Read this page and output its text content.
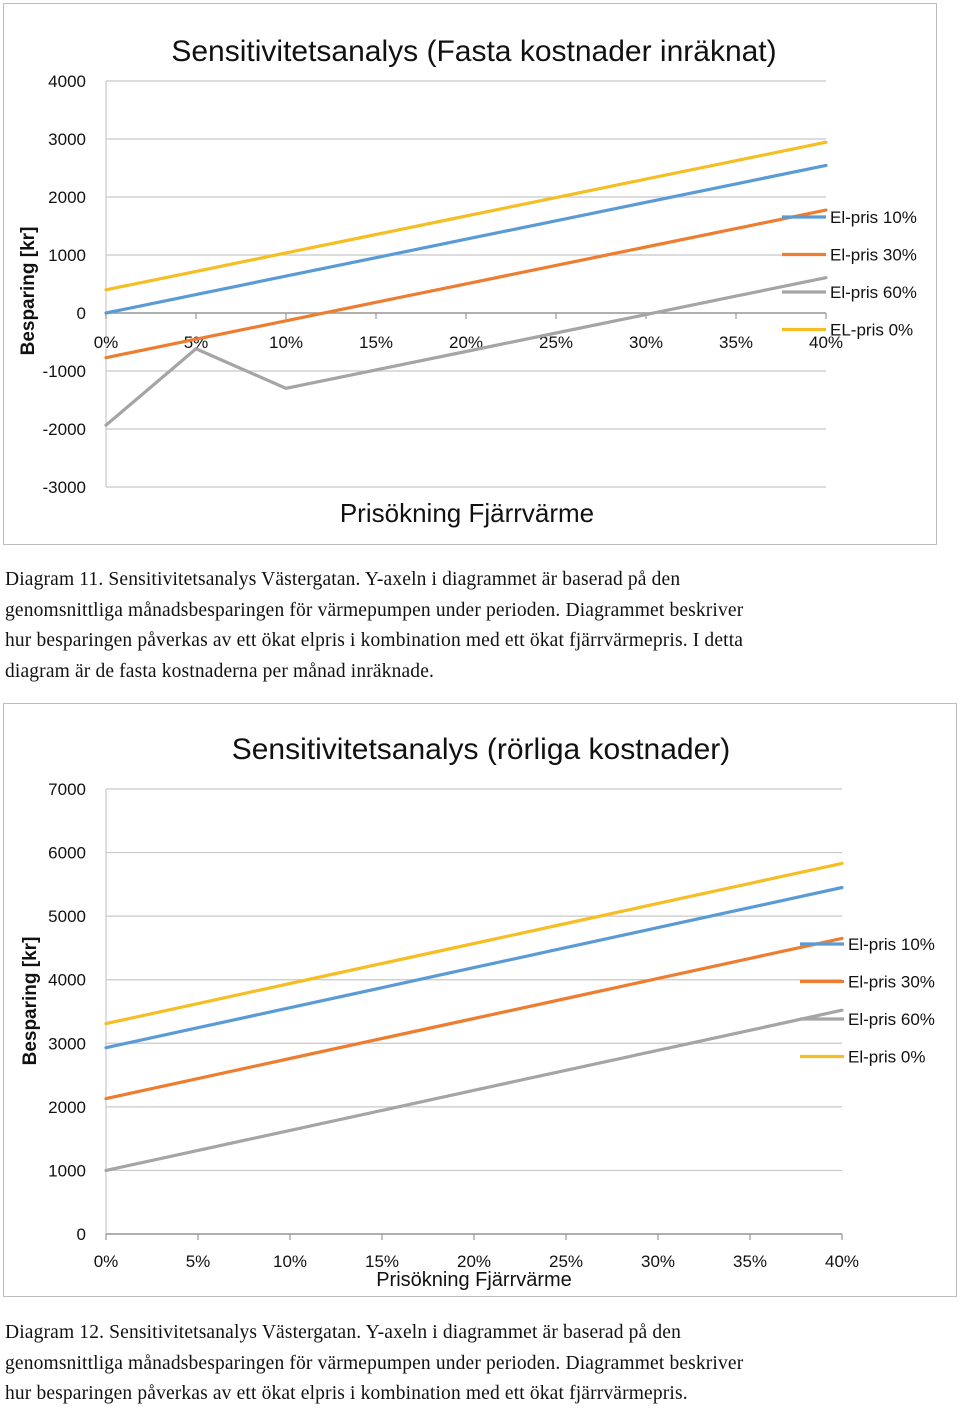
Sensitivitetsanalys (Fasta kostnader inräknat)
4000
3000
2000
1000
0
-1000
-2000
-3000
0%	5%	10%	15%	20%	25%	30%	35%	40%
Prisökning Fjärrvärme
Besparing [kr]
El-pris 10%
El-pris 30%
El-pris 60%
EL-pris 0%

Diagram 11. Sensitivitetsanalys Västergatan. Y-axeln i diagrammet är baserad på den

genomsnittliga månadsbesparingen för värmepumpen under perioden. Diagrammet beskriver

hur besparingen påverkas av ett ökat elpris i kombination med ett ökat fjärrvärmepris. I detta

diagram är de fasta kostnaderna per månad inräknade.

Sensitivitetsanalys (rörliga kostnader)
7000
6000
5000
4000
3000
2000
1000
0
0%	5%	10%	15%	20%	25%	30%	35%	40%
Prisökning Fjärrvärme
Besparing [kr]	El-pris 10%
El-pris 30%
El-pris 60%
El-pris 0%

Diagram 12. Sensitivitetsanalys Västergatan. Y-axeln i diagrammet är baserad på den

genomsnittliga månadsbesparingen för värmepumpen under perioden. Diagrammet beskriver

hur besparingen påverkas av ett ökat elpris i kombination med ett ökat fjärrvärmepris.
